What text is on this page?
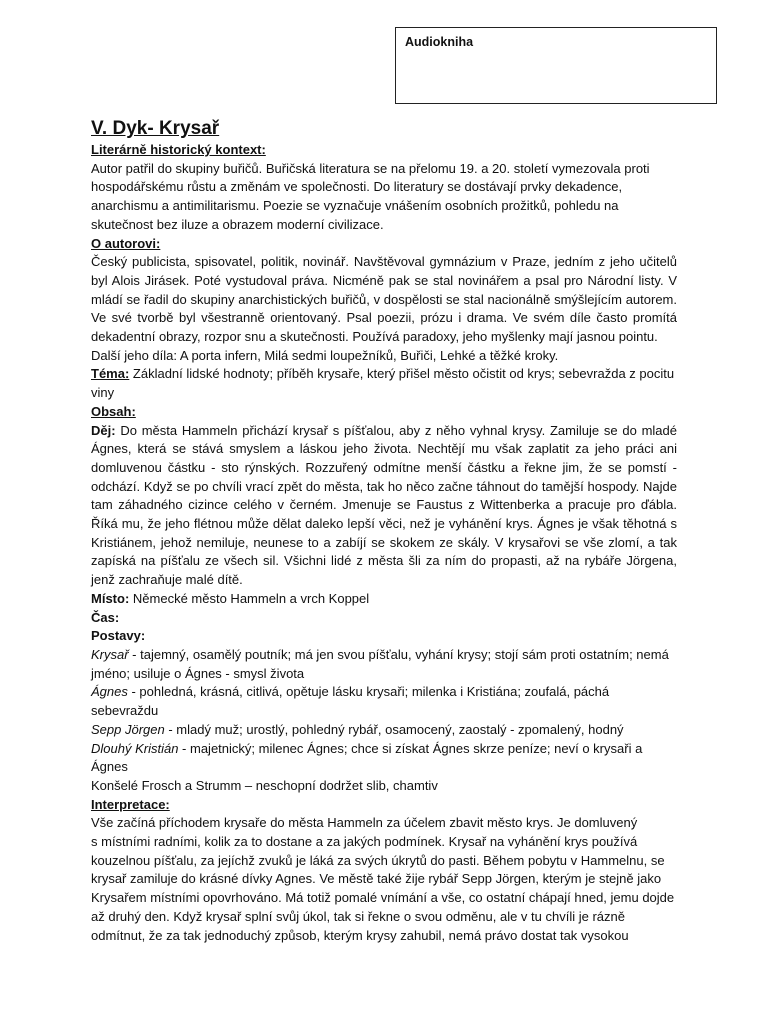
Audiokniha
V. Dyk- Krysař

Literárně historický kontext:

Autor patřil do skupiny buřičů. Buřičská literatura se na přelomu 19. a 20. století vymezovala proti

hospodářskému růstu a změnám ve společnosti. Do literatury se dostávají prvky dekadence,

anarchismu a antimilitarismu. Poezie se vyznačuje vnášením osobních prožitků, pohledu na

skutečnost bez iluze a obrazem moderní civilizace.

O autorovi:

Český publicista, spisovatel, politik, novinář. Navštěvoval gymnázium v Praze, jedním z jeho učitelů byl Alois Jirásek. Poté vystudoval práva. Nicméně pak se stal novinářem a psal pro Národní listy. V mládí se řadil do skupiny anarchistických buřičů, v dospělosti se stal nacionálně smýšlejícím autorem. Ve své tvorbě byl všestranně orientovaný. Psal poezii, prózu i drama. Ve svém díle často promítá dekadentní obrazy, rozpor snu a skutečnosti. Používá paradoxy, jeho myšlenky mají jasnou pointu.

Další jeho díla: A porta infern, Milá sedmi loupežníků, Buřiči, Lehké a těžké kroky.

Téma: Základní lidské hodnoty; příběh krysaře, který přišel město očistit od krys; sebevražda z pocitu viny

Obsah:

Děj: Do města Hammeln přichází krysař s píšťalou, aby z něho vyhnal krysy. Zamiluje se do mladé Ágnes, která se stává smyslem a láskou jeho života. Nechtějí mu však zaplatit za jeho práci ani domluvenou částku - sto rýnských. Rozzuřený odmítne menší částku a řekne jim, že se pomstí - odchází. Když se po chvíli vrací zpět do města, tak ho něco začne táhnout do tamější hospody. Najde tam záhadného cizince celého v černém. Jmenuje se Faustus z Wittenberka a pracuje pro ďábla. Říká mu, že jeho flétnou může dělat daleko lepší věci, než je vyhánění krys. Ágnes je však těhotná s Kristiánem, jehož nemiluje, neunese to a zabíjí se skokem ze skály. V krysařovi se vše zlomí, a tak zapíská na píšťalu ze všech sil. Všichni lidé z města šli za ním do propasti, až na rybáře Jörgena, jenž zachraňuje malé dítě.

Místo: Německé město Hammeln a vrch Koppel

Čas:

Postavy:

Krysař - tajemný, osamělý poutník; má jen svou píšťalu, vyhání krysy; stojí sám proti ostatním; nemá jméno; usiluje o Ágnes - smysl života

Ágnes - pohledná, krásná, citlivá, opětuje lásku krysaři; milenka i Kristiána; zoufalá, páchá sebevraždu

Sepp Jörgen - mladý muž; urostlý, pohledný rybář, osamocený, zaostalý - zpomalený, hodný

Dlouhý Kristián - majetnický; milenec Ágnes; chce si získat Ágnes skrze peníze; neví o krysaři a Ágnes

Konšelé Frosch a Strumm – neschopní dodržet slib, chamtiv

Interpretace:

Vše začíná příchodem krysaře do města Hammeln za účelem zbavit město krys. Je domluvený

s místními radními, kolik za to dostane a za jakých podmínek. Krysař na vyhánění krys používá

kouzelnou píšťalu, za jejíchž zvuků je láká za svých úkrytů do pasti. Během pobytu v Hammelnu, se

krysař zamiluje do krásné dívky Agnes. Ve městě také žije rybář Sepp Jörgen, kterým je stejně jako

Krysařem místními opovrhováno. Má totiž pomalé vnímání a vše, co ostatní chápají hned, jemu dojde

až druhý den. Když krysař splní svůj úkol, tak si řekne o svou odměnu, ale v tu chvíli je rázně

odmítnut, že za tak jednoduchý způsob, kterým krysy zahubil, nemá právo dostat tak vysokou
